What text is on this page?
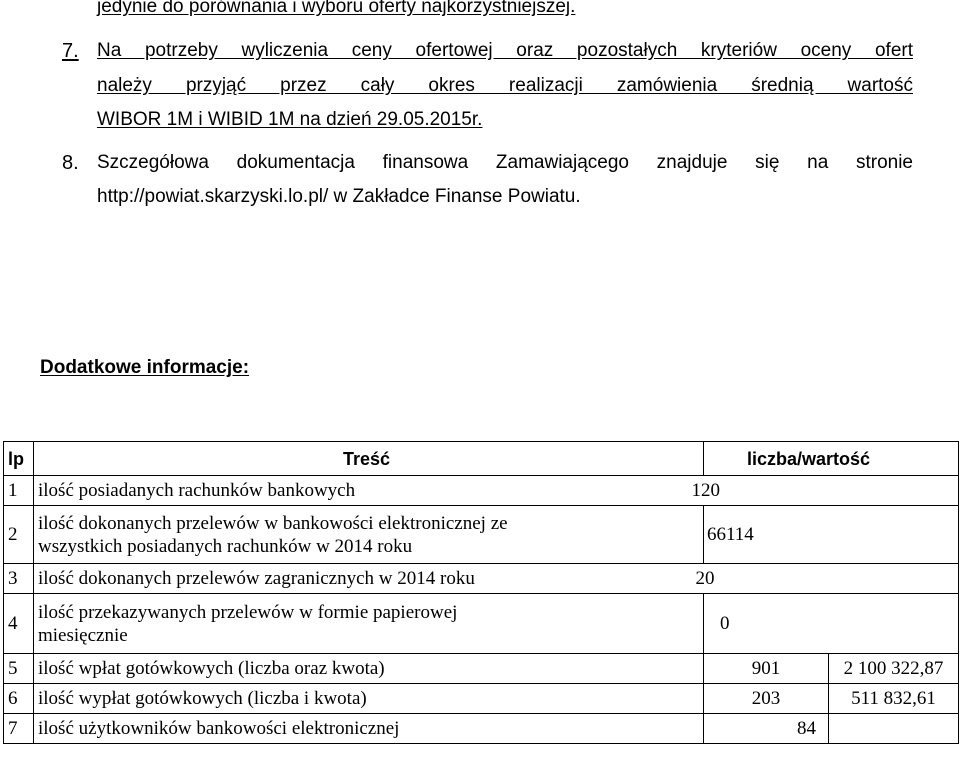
jedynie do porównania i wyboru oferty najkorzystniejszej.
7. Na potrzeby wyliczenia ceny ofertowej oraz pozostałych kryteriów oceny ofert
należy przyjąć przez cały okres realizacji zamówienia średnią wartość
WIBOR 1M i WIBID 1M na dzień 29.05.2015r.
8. Szczegółowa dokumentacja finansowa Zamawiającego znajduje się na stronie
http://powiat.skarzyski.lo.pl/ w Zakładce Finanse Powiatu.
Dodatkowe informacje:
lp	Treść	liczba/wartość	
1	ilość posiadanych rachunków bankowych	120	
2	ilość dokonanych przelewów w bankowości elektronicznej ze
wszystkich posiadanych rachunków w 2014 roku	66114	
3	ilość dokonanych przelewów zagranicznych w 2014 roku	20	
4	ilość przekazywanych przelewów w formie papierowej
miesięcznie	0	
5	ilość wpłat gotówkowych (liczba oraz kwota)	901	2 100 322,87
6	ilość wypłat gotówkowych (liczba i kwota)	203	511 832,61
7	ilość użytkowników bankowości elektronicznej	84	
